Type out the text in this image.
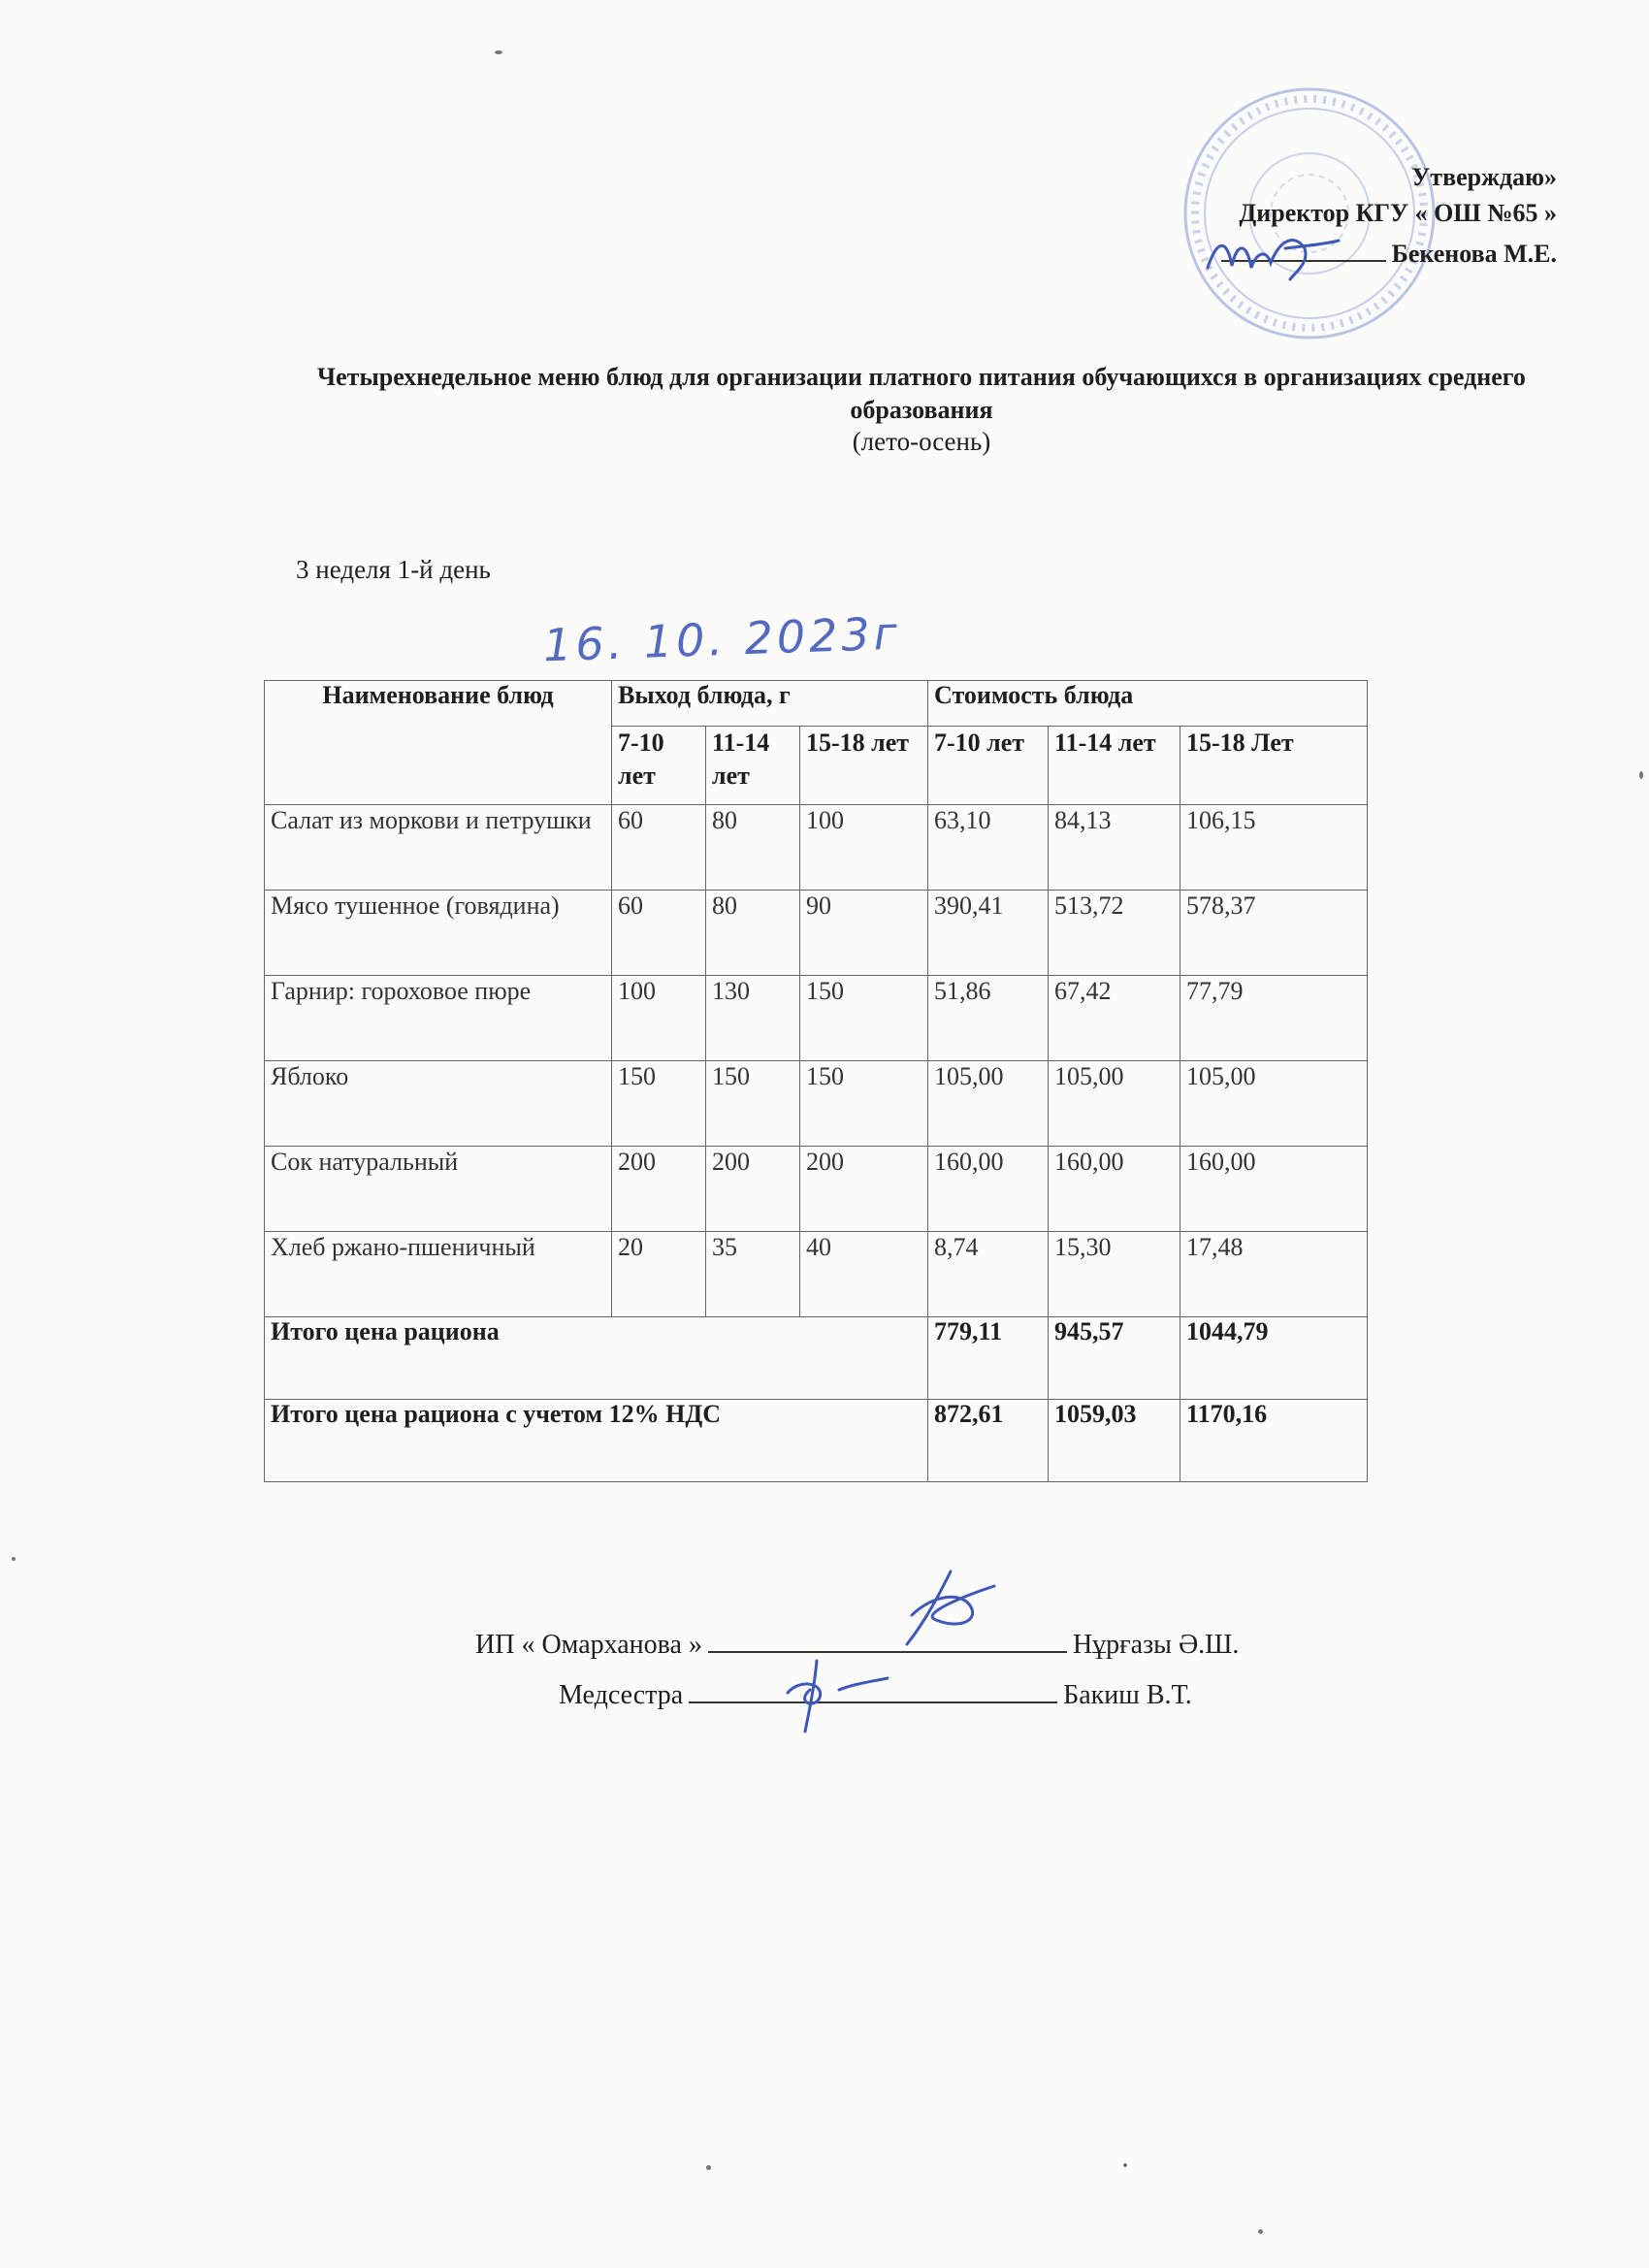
Утверждаю»
Директор КГУ « ОШ №65 »
Бекенова М.Е.
Четырехнедельное меню блюд для организации платного питания обучающихся в организациях среднего образования
(лето-осень)
3 неделя 1-й день
16. 10. 2023г
Наименование блюд	Выход блюда, г			Стоимость блюда		
	7-10 лет	11-14 лет	15-18 лет	7-10 лет	11-14 лет	15-18 Лет
Салат из моркови и петрушки	60	80	100	63,10	84,13	106,15
Мясо тушенное (говядина)	60	80	90	390,41	513,72	578,37
Гарнир: гороховое пюре	100	130	150	51,86	67,42	77,79
Яблоко	150	150	150	105,00	105,00	105,00
Сок натуральный	200	200	200	160,00	160,00	160,00
Хлеб ржано-пшеничный	20	35	40	8,74	15,30	17,48
Итого цена рациона				779,11	945,57	1044,79
Итого цена рациона с учетом 12% НДС				872,61	1059,03	1170,16
ИП « Омарханова »	Нұрғазы Ә.Ш.
Медсестра	Бакиш В.Т.
